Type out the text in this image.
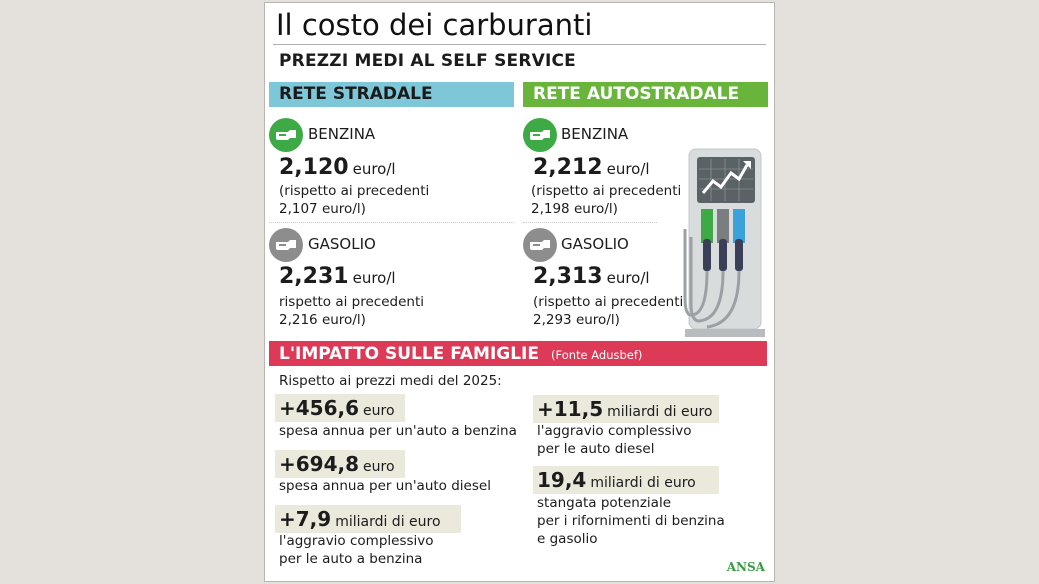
Il costo dei carburanti
PREZZI MEDI AL SELF SERVICE
RETE STRADALE	RETE AUTOSTRADALE
BENZINA
2,120 euro/l
(rispetto ai precedenti
2,107 euro/l)
GASOLIO
2,231 euro/l
rispetto ai precedenti
2,216 euro/l)
BENZINA
2,212 euro/l
(rispetto ai precedenti
2,198 euro/l)
GASOLIO
2,313 euro/l
(rispetto ai precedenti
2,293 euro/l)
L'IMPATTO SULLE FAMIGLIE (Fonte Adusbef)
Rispetto ai prezzi medi del 2025:
+456,6 euro
spesa annua per un'auto a benzina
+694,8 euro
spesa annua per un'auto diesel
+7,9 miliardi di euro
l'aggravio complessivo
per le auto a benzina
+11,5 miliardi di euro
l'aggravio complessivo
per le auto diesel
19,4 miliardi di euro
stangata potenziale
per i rifornimenti di benzina
e gasolio
ANSA
